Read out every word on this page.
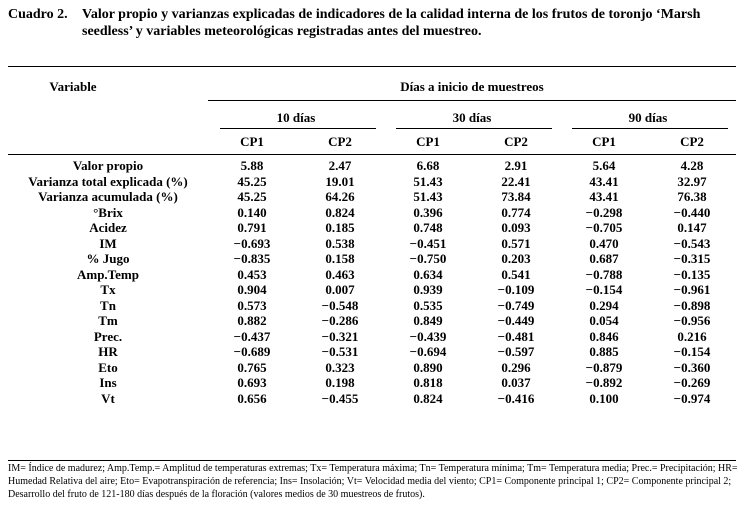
Cuadro 2. Valor propio y varianzas explicadas de indicadores de la calidad interna de los frutos de toronjo ‘Marsh
seedless’ y variables meteorológicas registradas antes del muestreo.
Variable	Días a inicio de muestreos
10 días	30 días	90 días
CP1	CP2	CP1	CP2	CP1	CP2
Valor propio	5.88	2.47	6.68	2.91	5.64	4.28
Varianza total explicada (%)	45.25	19.01	51.43	22.41	43.41	32.97
Varianza acumulada (%)	45.25	64.26	51.43	73.84	43.41	76.38
°Brix	0.140	0.824	0.396	0.774	−0.298	−0.440
Acidez	0.791	0.185	0.748	0.093	−0.705	0.147
IM	−0.693	0.538	−0.451	0.571	0.470	−0.543
% Jugo	−0.835	0.158	−0.750	0.203	0.687	−0.315
Amp.Temp	0.453	0.463	0.634	0.541	−0.788	−0.135
Tx	0.904	0.007	0.939	−0.109	−0.154	−0.961
Tn	0.573	−0.548	0.535	−0.749	0.294	−0.898
Tm	0.882	−0.286	0.849	−0.449	0.054	−0.956
Prec.	−0.437	−0.321	−0.439	−0.481	0.846	0.216
HR	−0.689	−0.531	−0.694	−0.597	0.885	−0.154
Eto	0.765	0.323	0.890	0.296	−0.879	−0.360
Ins	0.693	0.198	0.818	0.037	−0.892	−0.269
Vt	0.656	−0.455	0.824	−0.416	0.100	−0.974
IM= Índice de madurez; Amp.Temp.= Amplitud de temperaturas extremas; Tx= Temperatura máxima; Tn= Temperatura mínima; Tm= Temperatura media; Prec.= Precipitación; HR= Humedad Relativa del aire; Eto= Evapotranspiración de referencia; Ins= Insolación; Vt= Velocidad media del viento; CP1= Componente principal 1; CP2= Componente principal 2; Desarrollo del fruto de 121-180 días después de la floración (valores medios de 30 muestreos de frutos).
